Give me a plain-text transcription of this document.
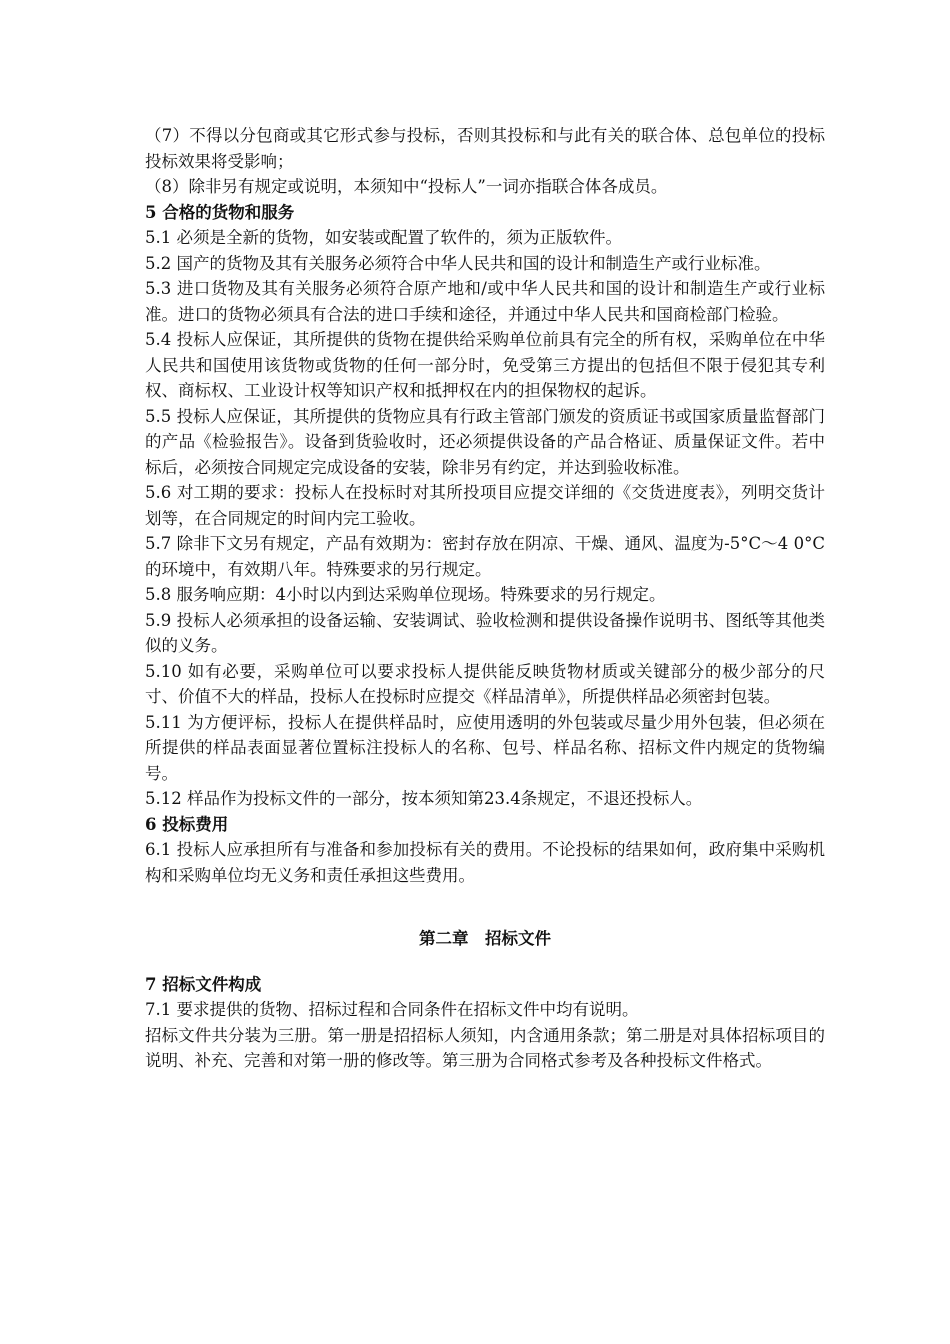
（7）不得以分包商或其它形式参与投标，否则其投标和与此有关的联合体、总包单位的投标投标效果将受影响；

（8）除非另有规定或说明，本须知中“投标人”一词亦指联合体各成员。

5 合格的货物和服务

5.1 必须是全新的货物，如安装或配置了软件的，须为正版软件。

5.2 国产的货物及其有关服务必须符合中华人民共和国的设计和制造生产或行业标准。

5.3 进口货物及其有关服务必须符合原产地和/或中华人民共和国的设计和制造生产或行业标准。进口的货物必须具有合法的进口手续和途径，并通过中华人民共和国商检部门检验。

5.4 投标人应保证，其所提供的货物在提供给采购单位前具有完全的所有权，采购单位在中华人民共和国使用该货物或货物的任何一部分时，免受第三方提出的包括但不限于侵犯其专利权、商标权、工业设计权等知识产权和抵押权在内的担保物权的起诉。

5.5 投标人应保证，其所提供的货物应具有行政主管部门颁发的资质证书或国家质量监督部门的产品《检验报告》。设备到货验收时，还必须提供设备的产品合格证、质量保证文件。若中标后，必须按合同规定完成设备的安装，除非另有约定，并达到验收标准。

5.6 对工期的要求：投标人在投标时对其所投项目应提交详细的《交货进度表》，列明交货计划等，在合同规定的时间内完工验收。

5.7 除非下文另有规定，产品有效期为：密封存放在阴凉、干燥、通风、温度为-5°C～4 0°C的环境中，有效期八年。特殊要求的另行规定。

5.8 服务响应期：4小时以内到达采购单位现场。特殊要求的另行规定。

5.9 投标人必须承担的设备运输、安装调试、验收检测和提供设备操作说明书、图纸等其他类似的义务。

5.10 如有必要，采购单位可以要求投标人提供能反映货物材质或关键部分的极少部分的尺寸、价值不大的样品，投标人在投标时应提交《样品清单》，所提供样品必须密封包装。

5.11 为方便评标，投标人在提供样品时，应使用透明的外包装或尽量少用外包装，但必须在所提供的样品表面显著位置标注投标人的名称、包号、样品名称、招标文件内规定的货物编号。

5.12 样品作为投标文件的一部分，按本须知第23.4条规定，不退还投标人。

6 投标费用

6.1 投标人应承担所有与准备和参加投标有关的费用。不论投标的结果如何，政府集中采购机构和采购单位均无义务和责任承担这些费用。

第二章　招标文件

7 招标文件构成

7.1 要求提供的货物、招标过程和合同条件在招标文件中均有说明。

招标文件共分装为三册。第一册是招招标人须知，内含通用条款；第二册是对具体招标项目的说明、补充、完善和对第一册的修改等。第三册为合同格式参考及各种投标文件格式。
